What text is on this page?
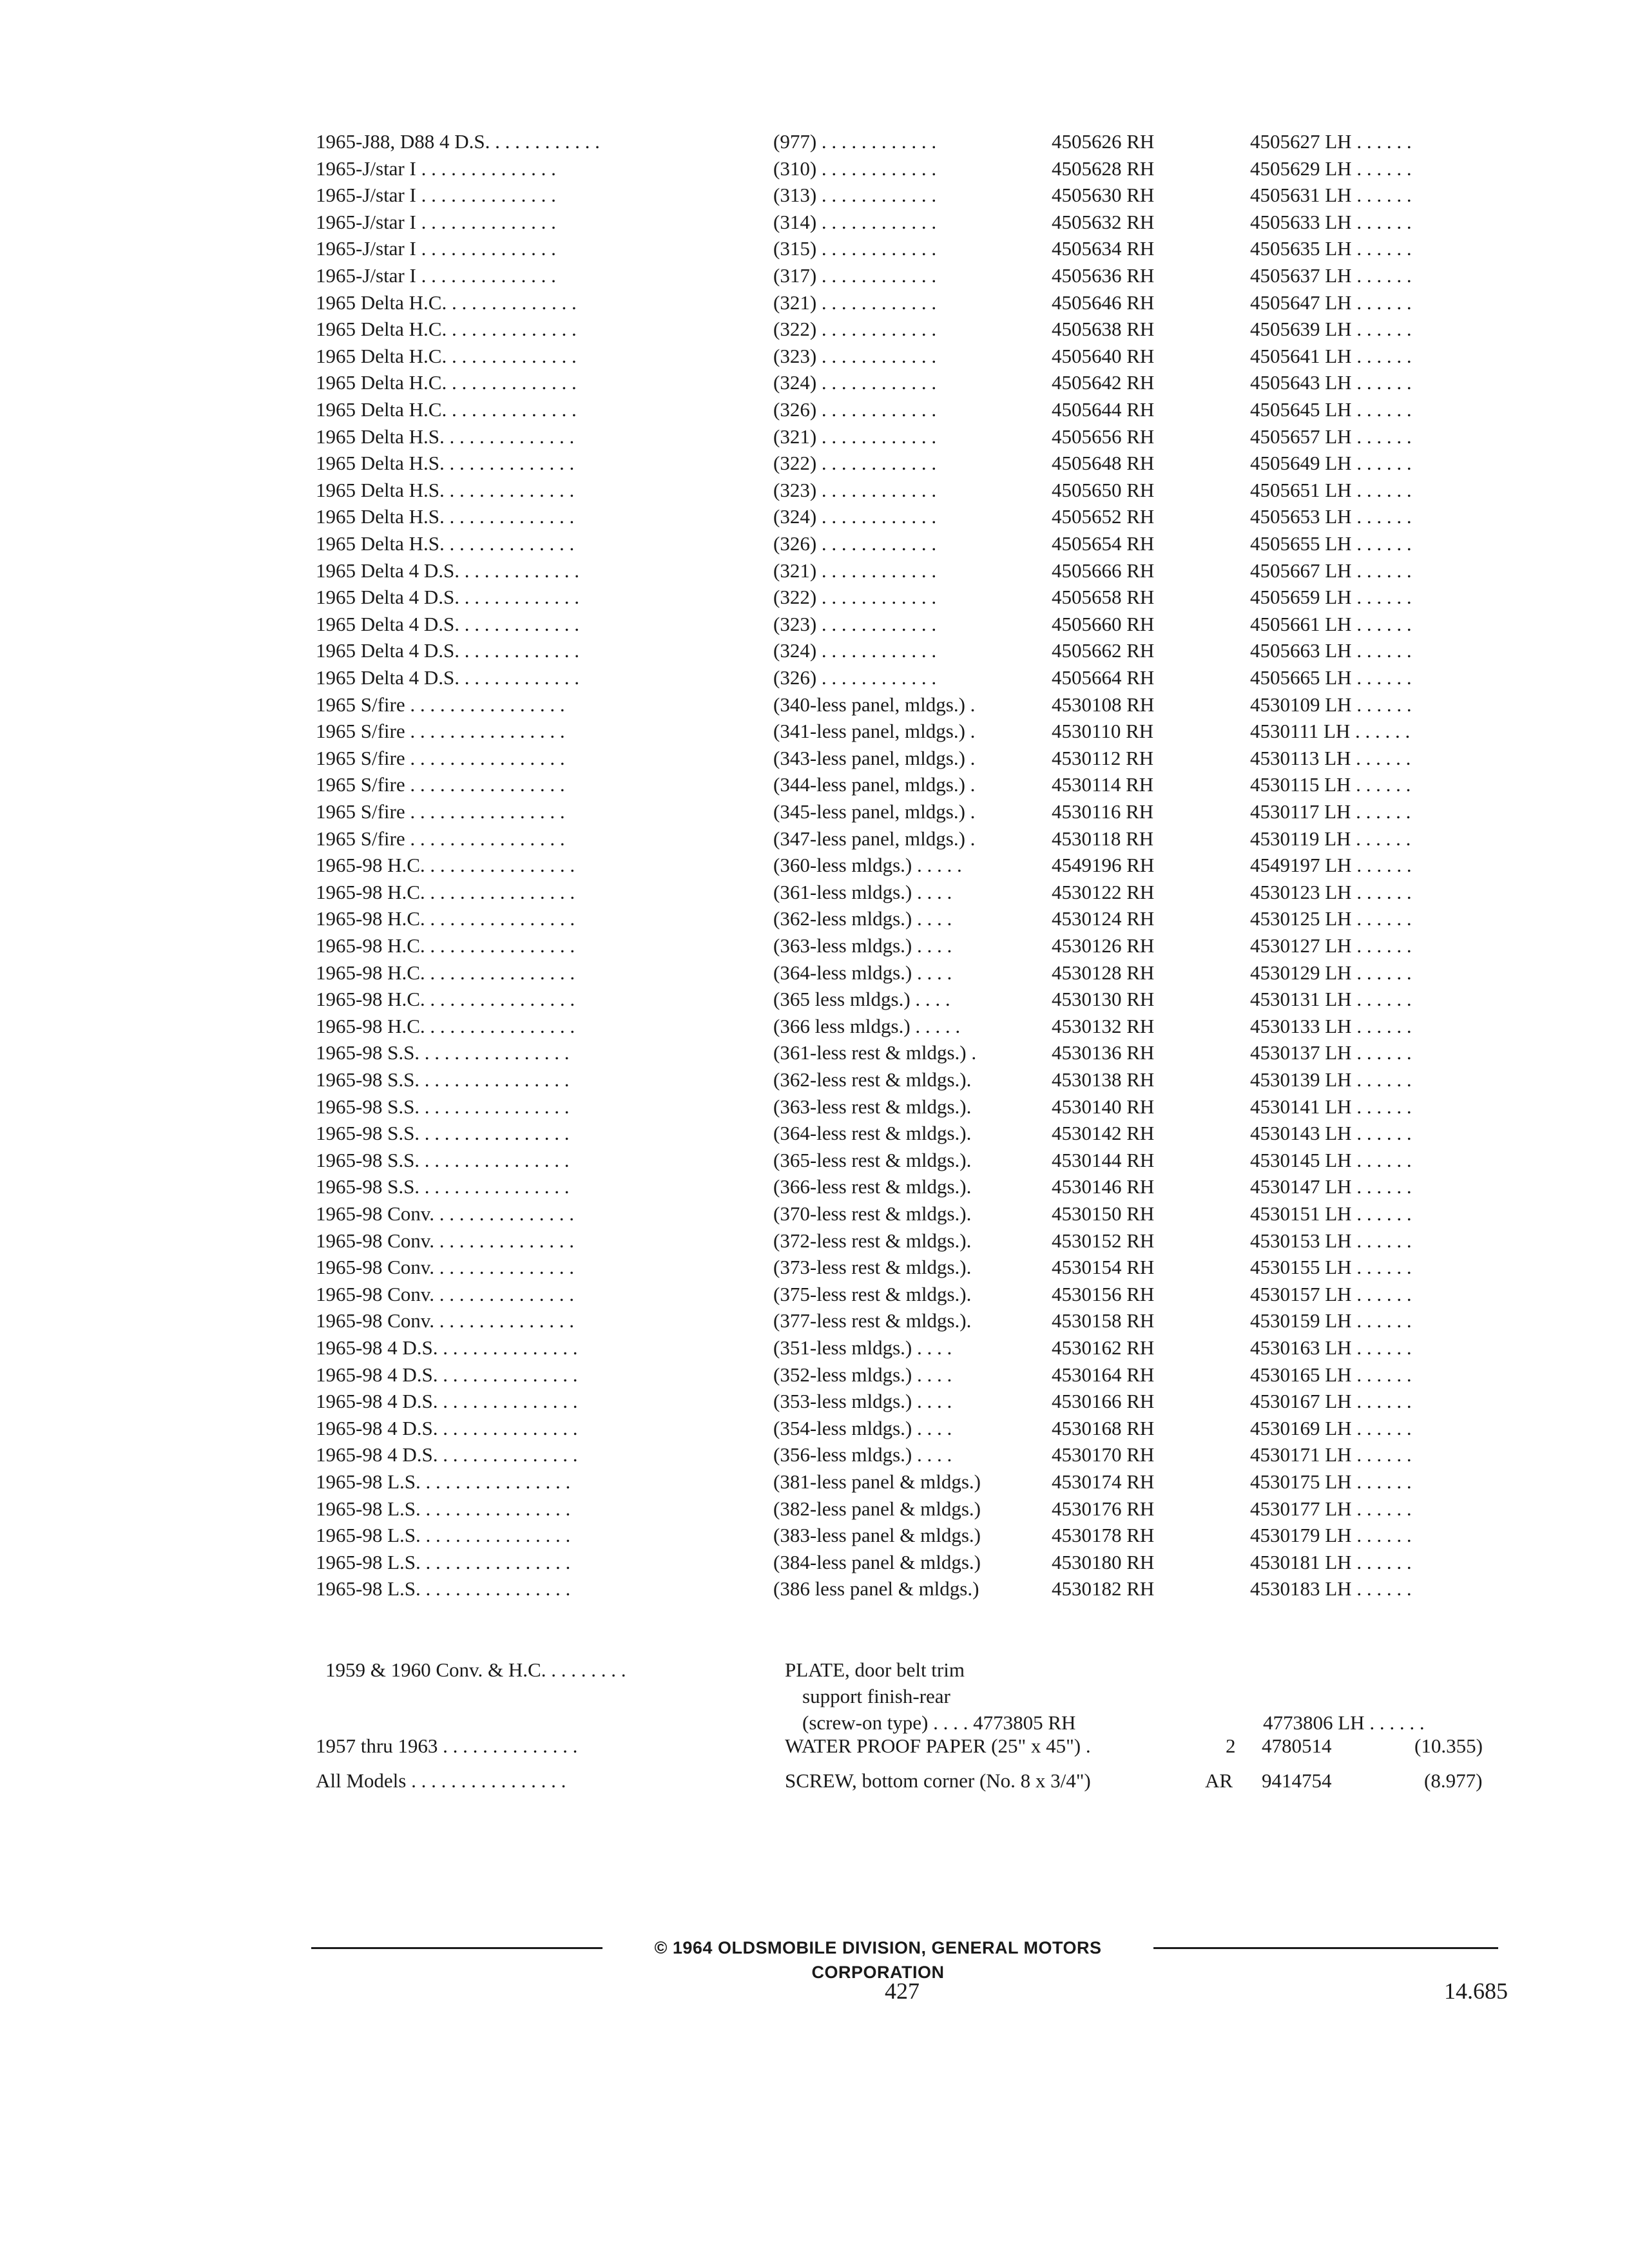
1965-J88, D88 4 D.S. . . . . . . . . . . .	(977) . . . . . . . . . . . .	4505626 RH	4505627 LH . . . . . .
1965-J/star I . . . . . . . . . . . . . .	(310) . . . . . . . . . . . .	4505628 RH	4505629 LH . . . . . .
1965-J/star I . . . . . . . . . . . . . .	(313) . . . . . . . . . . . .	4505630 RH	4505631 LH . . . . . .
1965-J/star I . . . . . . . . . . . . . .	(314) . . . . . . . . . . . .	4505632 RH	4505633 LH . . . . . .
1965-J/star I . . . . . . . . . . . . . .	(315) . . . . . . . . . . . .	4505634 RH	4505635 LH . . . . . .
1965-J/star I . . . . . . . . . . . . . .	(317) . . . . . . . . . . . .	4505636 RH	4505637 LH . . . . . .
1965 Delta H.C. . . . . . . . . . . . . .	(321) . . . . . . . . . . . .	4505646 RH	4505647 LH . . . . . .
1965 Delta H.C. . . . . . . . . . . . . .	(322) . . . . . . . . . . . .	4505638 RH	4505639 LH . . . . . .
1965 Delta H.C. . . . . . . . . . . . . .	(323) . . . . . . . . . . . .	4505640 RH	4505641 LH . . . . . .
1965 Delta H.C. . . . . . . . . . . . . .	(324) . . . . . . . . . . . .	4505642 RH	4505643 LH . . . . . .
1965 Delta H.C. . . . . . . . . . . . . .	(326) . . . . . . . . . . . .	4505644 RH	4505645 LH . . . . . .
1965 Delta H.S. . . . . . . . . . . . . .	(321) . . . . . . . . . . . .	4505656 RH	4505657 LH . . . . . .
1965 Delta H.S. . . . . . . . . . . . . .	(322) . . . . . . . . . . . .	4505648 RH	4505649 LH . . . . . .
1965 Delta H.S. . . . . . . . . . . . . .	(323) . . . . . . . . . . . .	4505650 RH	4505651 LH . . . . . .
1965 Delta H.S. . . . . . . . . . . . . .	(324) . . . . . . . . . . . .	4505652 RH	4505653 LH . . . . . .
1965 Delta H.S. . . . . . . . . . . . . .	(326) . . . . . . . . . . . .	4505654 RH	4505655 LH . . . . . .
1965 Delta 4 D.S. . . . . . . . . . . . .	(321) . . . . . . . . . . . .	4505666 RH	4505667 LH . . . . . .
1965 Delta 4 D.S. . . . . . . . . . . . .	(322) . . . . . . . . . . . .	4505658 RH	4505659 LH . . . . . .
1965 Delta 4 D.S. . . . . . . . . . . . .	(323) . . . . . . . . . . . .	4505660 RH	4505661 LH . . . . . .
1965 Delta 4 D.S. . . . . . . . . . . . .	(324) . . . . . . . . . . . .	4505662 RH	4505663 LH . . . . . .
1965 Delta 4 D.S. . . . . . . . . . . . .	(326) . . . . . . . . . . . .	4505664 RH	4505665 LH . . . . . .
1965 S/fire . . . . . . . . . . . . . . . .	(340-less panel, mldgs.) .	4530108 RH	4530109 LH . . . . . .
1965 S/fire . . . . . . . . . . . . . . . .	(341-less panel, mldgs.) .	4530110 RH	4530111 LH . . . . . .
1965 S/fire . . . . . . . . . . . . . . . .	(343-less panel, mldgs.) .	4530112 RH	4530113 LH . . . . . .
1965 S/fire . . . . . . . . . . . . . . . .	(344-less panel, mldgs.) .	4530114 RH	4530115 LH . . . . . .
1965 S/fire . . . . . . . . . . . . . . . .	(345-less panel, mldgs.) .	4530116 RH	4530117 LH . . . . . .
1965 S/fire . . . . . . . . . . . . . . . .	(347-less panel, mldgs.) .	4530118 RH	4530119 LH . . . . . .
1965-98 H.C. . . . . . . . . . . . . . . .	(360-less mldgs.) . . . . .	4549196 RH	4549197 LH . . . . . .
1965-98 H.C. . . . . . . . . . . . . . . .	(361-less mldgs.) . . . .	4530122 RH	4530123 LH . . . . . .
1965-98 H.C. . . . . . . . . . . . . . . .	(362-less mldgs.) . . . .	4530124 RH	4530125 LH . . . . . .
1965-98 H.C. . . . . . . . . . . . . . . .	(363-less mldgs.) . . . .	4530126 RH	4530127 LH . . . . . .
1965-98 H.C. . . . . . . . . . . . . . . .	(364-less mldgs.) . . . .	4530128 RH	4530129 LH . . . . . .
1965-98 H.C. . . . . . . . . . . . . . . .	(365 less mldgs.) . . . .	4530130 RH	4530131 LH . . . . . .
1965-98 H.C. . . . . . . . . . . . . . . .	(366 less mldgs.) . . . . .	4530132 RH	4530133 LH . . . . . .
1965-98 S.S. . . . . . . . . . . . . . . .	(361-less rest & mldgs.) .	4530136 RH	4530137 LH . . . . . .
1965-98 S.S. . . . . . . . . . . . . . . .	(362-less rest & mldgs.).	4530138 RH	4530139 LH . . . . . .
1965-98 S.S. . . . . . . . . . . . . . . .	(363-less rest & mldgs.).	4530140 RH	4530141 LH . . . . . .
1965-98 S.S. . . . . . . . . . . . . . . .	(364-less rest & mldgs.).	4530142 RH	4530143 LH . . . . . .
1965-98 S.S. . . . . . . . . . . . . . . .	(365-less rest & mldgs.).	4530144 RH	4530145 LH . . . . . .
1965-98 S.S. . . . . . . . . . . . . . . .	(366-less rest & mldgs.).	4530146 RH	4530147 LH . . . . . .
1965-98 Conv. . . . . . . . . . . . . . .	(370-less rest & mldgs.).	4530150 RH	4530151 LH . . . . . .
1965-98 Conv. . . . . . . . . . . . . . .	(372-less rest & mldgs.).	4530152 RH	4530153 LH . . . . . .
1965-98 Conv. . . . . . . . . . . . . . .	(373-less rest & mldgs.).	4530154 RH	4530155 LH . . . . . .
1965-98 Conv. . . . . . . . . . . . . . .	(375-less rest & mldgs.).	4530156 RH	4530157 LH . . . . . .
1965-98 Conv. . . . . . . . . . . . . . .	(377-less rest & mldgs.).	4530158 RH	4530159 LH . . . . . .
1965-98 4 D.S. . . . . . . . . . . . . . .	(351-less mldgs.) . . . .	4530162 RH	4530163 LH . . . . . .
1965-98 4 D.S. . . . . . . . . . . . . . .	(352-less mldgs.) . . . .	4530164 RH	4530165 LH . . . . . .
1965-98 4 D.S. . . . . . . . . . . . . . .	(353-less mldgs.) . . . .	4530166 RH	4530167 LH . . . . . .
1965-98 4 D.S. . . . . . . . . . . . . . .	(354-less mldgs.) . . . .	4530168 RH	4530169 LH . . . . . .
1965-98 4 D.S. . . . . . . . . . . . . . .	(356-less mldgs.) . . . .	4530170 RH	4530171 LH . . . . . .
1965-98 L.S. . . . . . . . . . . . . . . .	(381-less panel & mldgs.)	4530174 RH	4530175 LH . . . . . .
1965-98 L.S. . . . . . . . . . . . . . . .	(382-less panel & mldgs.)	4530176 RH	4530177 LH . . . . . .
1965-98 L.S. . . . . . . . . . . . . . . .	(383-less panel & mldgs.)	4530178 RH	4530179 LH . . . . . .
1965-98 L.S. . . . . . . . . . . . . . . .	(384-less panel & mldgs.)	4530180 RH	4530181 LH . . . . . .
1965-98 L.S. . . . . . . . . . . . . . . .	(386 less panel & mldgs.)	4530182 RH	4530183 LH . . . . . .
1959 & 1960 Conv. & H.C. . . . . . . . .	PLATE, door belt trim
support finish-rear
(screw-on type) . . . . 4773805 RH	4773806 LH . . . . . .
1957 thru 1963 . . . . . . . . . . . . . .	WATER PROOF PAPER (25" x 45") .	2 4780514	(10.355)
All Models . . . . . . . . . . . . . . . .	SCREW, bottom corner (No. 8 x 3/4")	AR 9414754	(8.977)
© 1964 OLDSMOBILE DIVISION, GENERAL MOTORS CORPORATION
427	14.685
